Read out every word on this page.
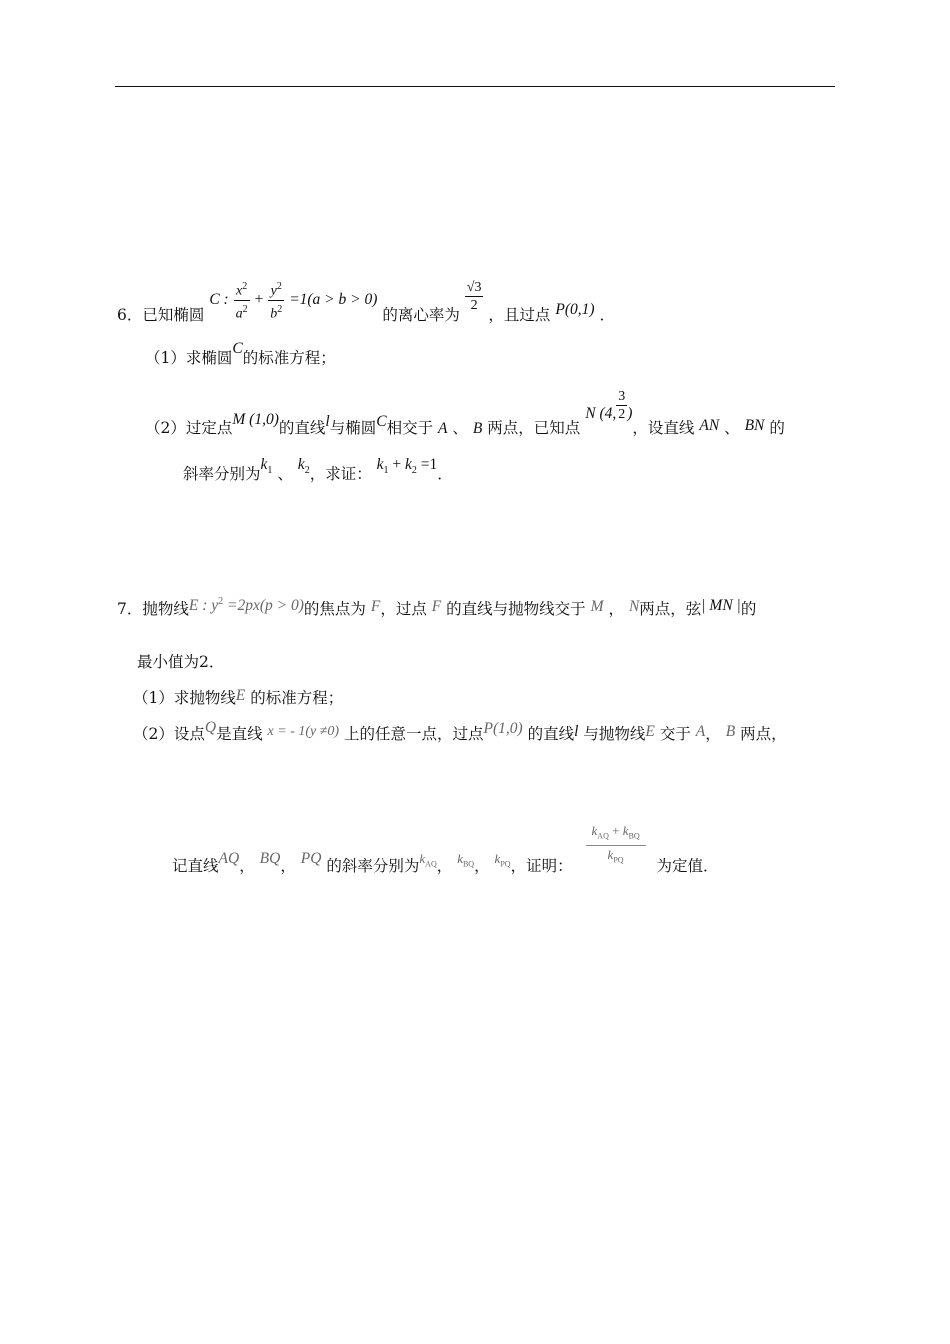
6．已知椭圆 C : $\frac{x^2}{a^2} + \frac{y^2}{b^2} =1(a > b > 0)$ 的离心率为
$\frac{√3}{2}$
，且过点 P(0,1) ．
（1）求椭圆C的标准方程；
（2）过定点M (1,0)的直线l与椭圆C相交于 A 、 B 两点，已知点 N (4, $\frac{3}{2}$ )，设直线 AN 、 BN 的
斜率分别为$k_1$ 、 $k_2$，求证： $k_1 + k_2 =1$．
7．抛物线E : $y^2 =2px(p > 0)$的焦点为 F，过点 F 的直线与抛物线交于 M ， N两点，弦| MN |的
最小值为2．
（1）求抛物线E 的标准方程；
（2）设点Q是直线 x = - 1(y ≠0) 上的任意一点，过点P(1,0) 的直线l 与抛物线E 交于 A， B 两点，
记直线AQ， BQ， PQ 的斜率分别为$_{k_{AQ}}$， $_{k_{BQ}}$， $_{k_{PQ}}$，证明： $\frac{k_{AQ} + k_{BQ}}{k_{PQ}}$ 为定值．
